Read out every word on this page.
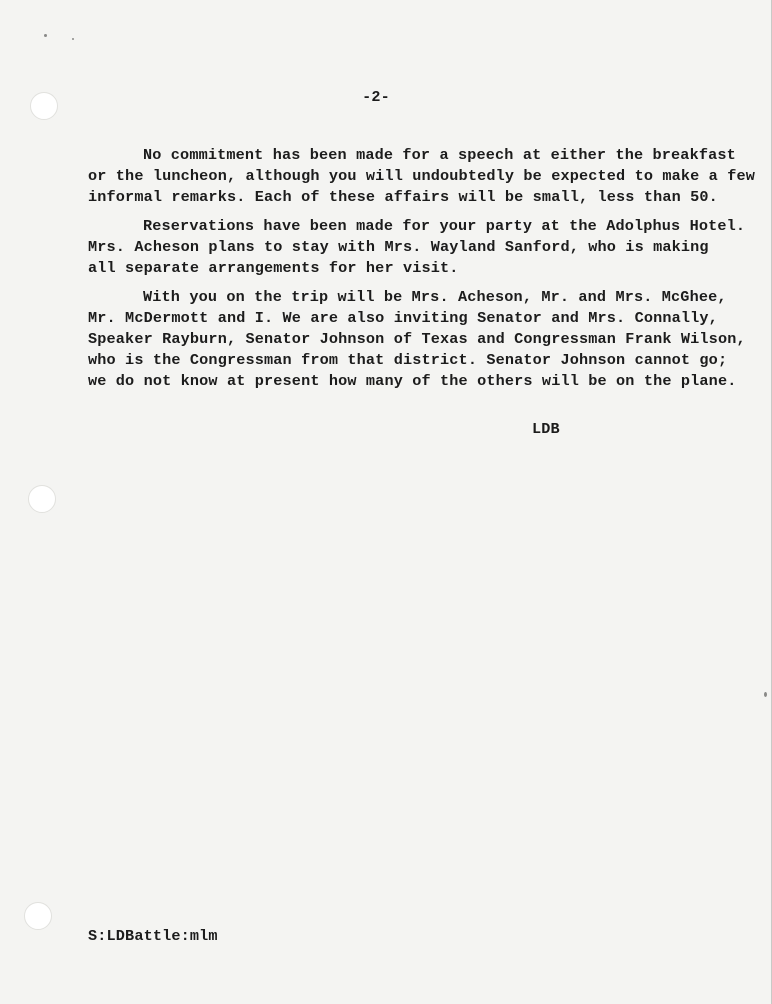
-2-
No commitment has been made for a speech at either the breakfast
or the luncheon, although you will undoubtedly be expected to make a few
informal remarks. Each of these affairs will be small, less than 50.
Reservations have been made for your party at the Adolphus Hotel.
Mrs. Acheson plans to stay with Mrs. Wayland Sanford, who is making
all separate arrangements for her visit.
With you on the trip will be Mrs. Acheson, Mr. and Mrs. McGhee,
Mr. McDermott and I. We are also inviting Senator and Mrs. Connally,
Speaker Rayburn, Senator Johnson of Texas and Congressman Frank Wilson,
who is the Congressman from that district. Senator Johnson cannot go;
we do not know at present how many of the others will be on the plane.
LDB
S:LDBattle:mlm
